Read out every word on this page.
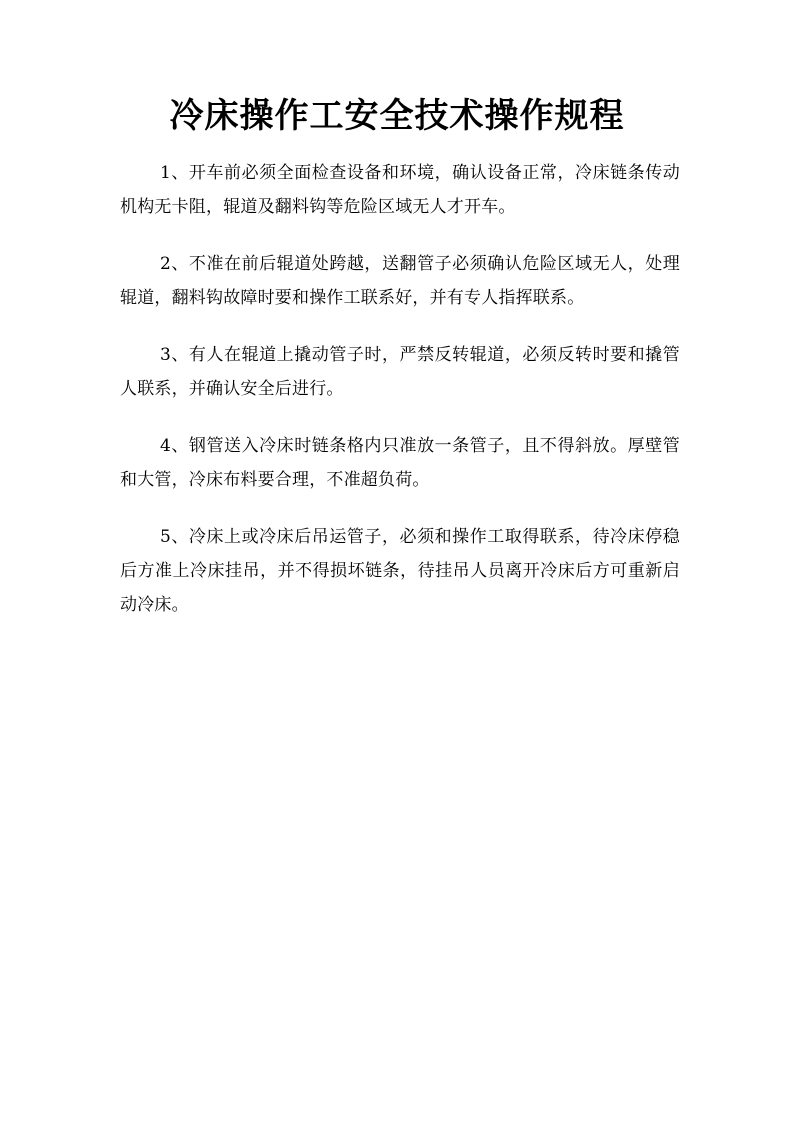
冷床操作工安全技术操作规程

1、开车前必须全面检查设备和环境，确认设备正常，冷床链条传动机构无卡阻，辊道及翻料钩等危险区域无人才开车。

2、不准在前后辊道处跨越，送翻管子必须确认危险区域无人，处理辊道，翻料钩故障时要和操作工联系好，并有专人指挥联系。

3、有人在辊道上撬动管子时，严禁反转辊道，必须反转时要和撬管人联系，并确认安全后进行。

4、钢管送入冷床时链条格内只准放一条管子，且不得斜放。厚壁管和大管，冷床布料要合理，不准超负荷。

5、冷床上或冷床后吊运管子，必须和操作工取得联系，待冷床停稳后方准上冷床挂吊，并不得损坏链条，待挂吊人员离开冷床后方可重新启动冷床。
